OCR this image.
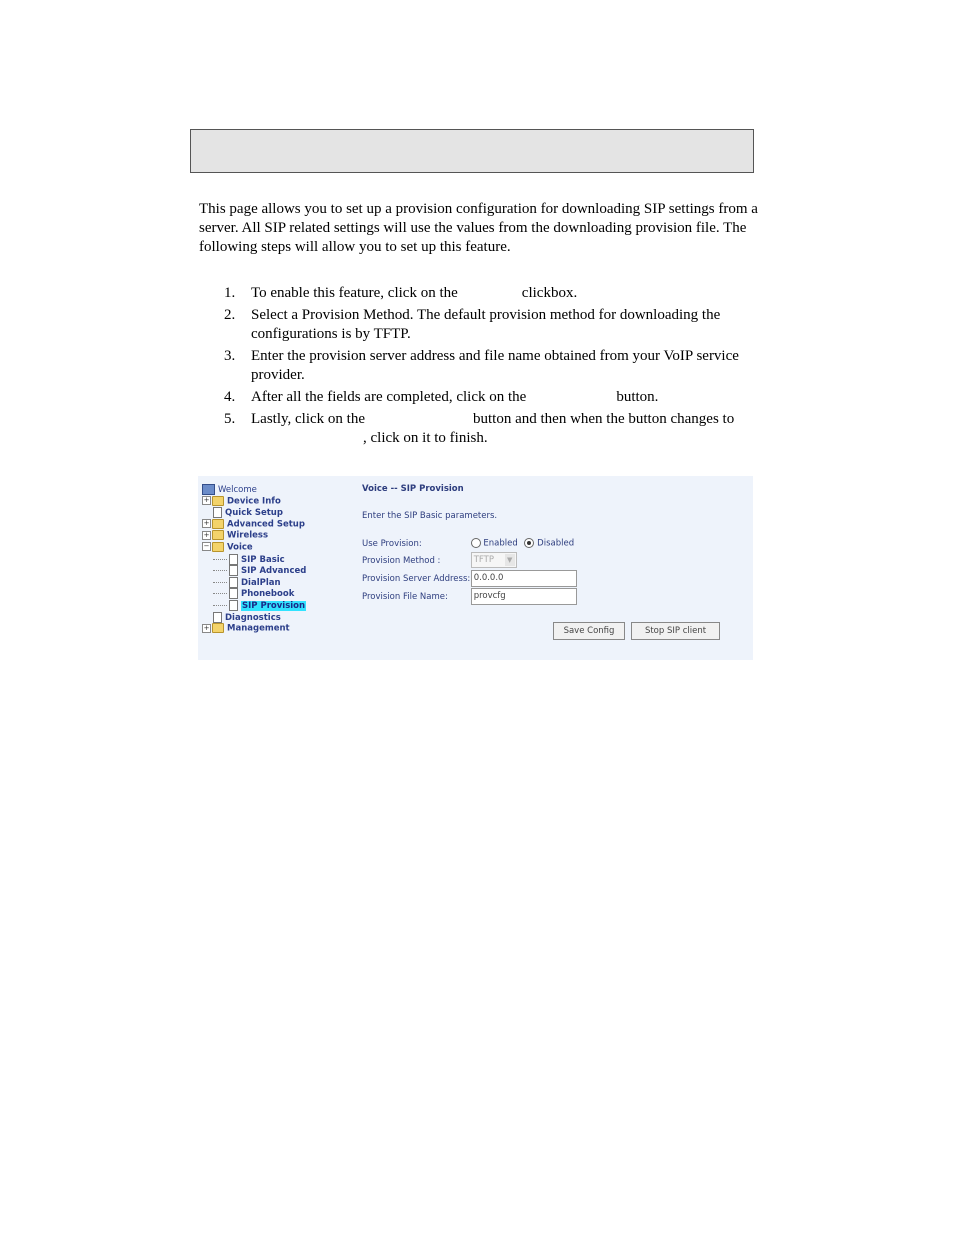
This page allows you to set up a provision configuration for downloading SIP settings from a server. All SIP related settings will use the values from the downloading provision file. The following steps will allow you to set up this feature.

1. To enable this feature, click on the	clickbox.
2. Select a Provision Method. The default provision method for downloading the configurations is by TFTP.
3. Enter the provision server address and file name obtained from your VoIP service provider.
4. After all the fields are completed, click on the	button.
5. Lastly, click on the	button and then when the button changes to, click on it to finish.
Welcome
+ Device Info
Quick Setup
+ Advanced Setup
+ Wireless
− Voice
SIP Basic
SIP Advanced
DialPlan
Phonebook
SIP Provision
Diagnostics
+ Management
Voice -- SIP Provision
Enter the SIP Basic parameters.
Use Provision:	Enabled Disabled
Provision Method :	TFTP	▼
Provision Server Address: 0.0.0.0
Provision File Name:	provcfg
Save Config	Stop SIP client
